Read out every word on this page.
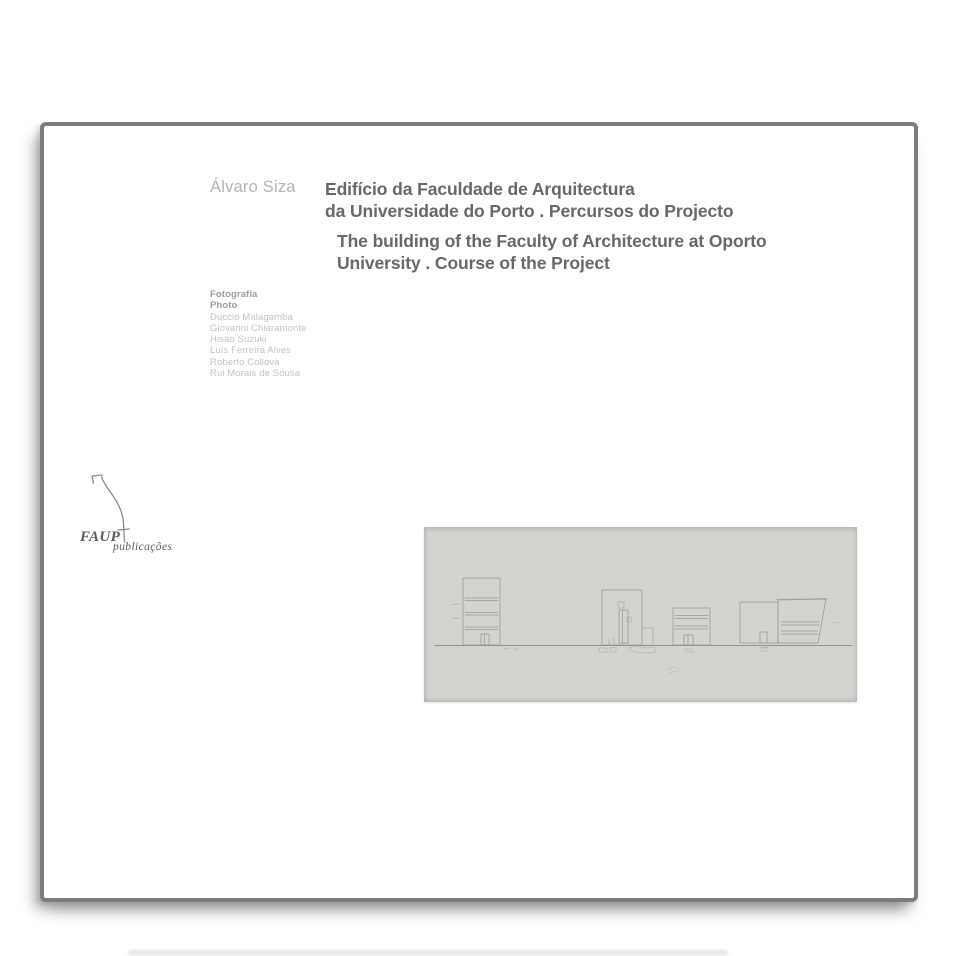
Álvaro Siza Edifício da Faculdade de Arquitectura
da Universidade do Porto . Percursos do Projecto
The building of the Faculty of Architecture at Oporto
University . Course of the Project
Fotografia
Photo
Duccio Malagamba
Giovanni Chiaramonte
Hisao Suzuki
Luís Ferreira Alves
Roberto Collovà
Rui Morais de Sousa
FAUP
publicações
